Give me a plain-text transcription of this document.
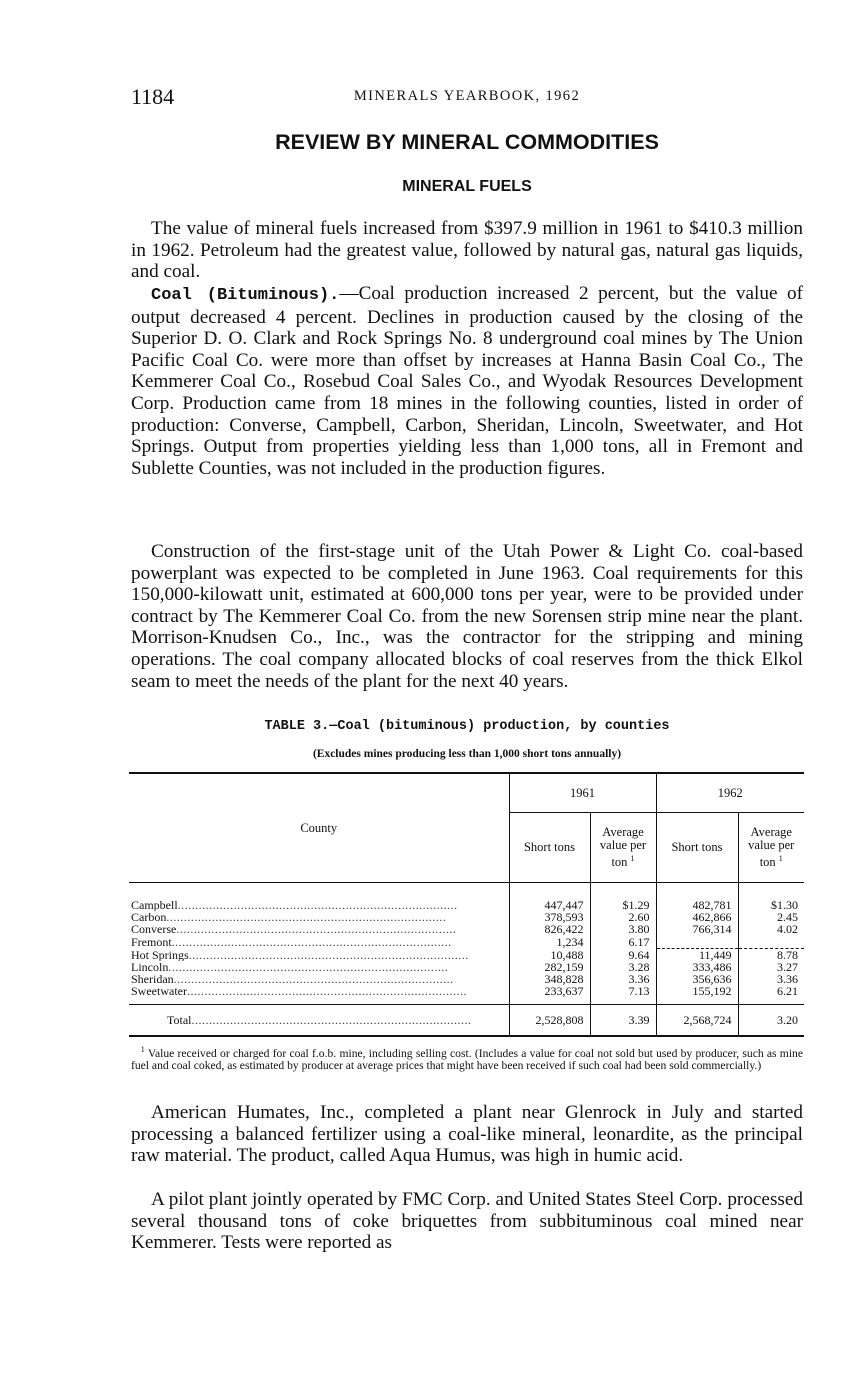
1184	MINERALS YEARBOOK, 1962
REVIEW BY MINERAL COMMODITIES
MINERAL FUELS

The value of mineral fuels increased from $397.9 million in 1961 to $410.3 million in 1962. Petroleum had the greatest value, followed by natural gas, natural gas liquids, and coal.

Coal (Bituminous).—Coal production increased 2 percent, but the value of output decreased 4 percent. Declines in production caused by the closing of the Superior D. O. Clark and Rock Springs No. 8 underground coal mines by The Union Pacific Coal Co. were more than offset by increases at Hanna Basin Coal Co., The Kemmerer Coal Co., Rosebud Coal Sales Co., and Wyodak Resources Development Corp. Production came from 18 mines in the following counties, listed in order of production: Converse, Campbell, Carbon, Sheridan, Lincoln, Sweetwater, and Hot Springs. Output from properties yielding less than 1,000 tons, all in Fremont and Sublette Counties, was not included in the production figures.

Construction of the first-stage unit of the Utah Power & Light Co. coal-based powerplant was expected to be completed in June 1963. Coal requirements for this 150,000-kilowatt unit, estimated at 600,000 tons per year, were to be provided under contract by The Kemmerer Coal Co. from the new Sorensen strip mine near the plant. Morrison-Knudsen Co., Inc., was the contractor for the stripping and mining operations. The coal company allocated blocks of coal reserves from the thick Elkol seam to meet the needs of the plant for the next 40 years.

TABLE 3.—Coal (bituminous) production, by counties
(Excludes mines producing less than 1,000 short tons annually)
County	1961		1962	
	Short tons	Average
value per
ton $^1$	Short tons	Average
value per
ton $^1$
Campbell................................................................................	447,447	$1.29	482,781	$1.30
Carbon................................................................................	378,593	2.60	462,866	2.45
Converse................................................................................	826,422	3.80	766,314	4.02
Fremont................................................................................	1,234	6.17		
Hot Springs................................................................................	10,488	9.64	11,449	8.78
Lincoln................................................................................	282,159	3.28	333,486	3.27
Sheridan................................................................................	348,828	3.36	356,636	3.36
Sweetwater................................................................................	233,637	7.13	155,192	6.21
Total................................................................................	2,528,808	3.39	2,568,724	3.20

$^1$ Value received or charged for coal f.o.b. mine, including selling cost. (Includes a value for coal not sold but used by producer, such as mine fuel and coal coked, as estimated by producer at average prices that might have been received if such coal had been sold commercially.)

American Humates, Inc., completed a plant near Glenrock in July and started processing a balanced fertilizer using a coal-like mineral, leonardite, as the principal raw material. The product, called Aqua Humus, was high in humic acid.

A pilot plant jointly operated by FMC Corp. and United States Steel Corp. processed several thousand tons of coke briquettes from subbituminous coal mined near Kemmerer. Tests were reported as
